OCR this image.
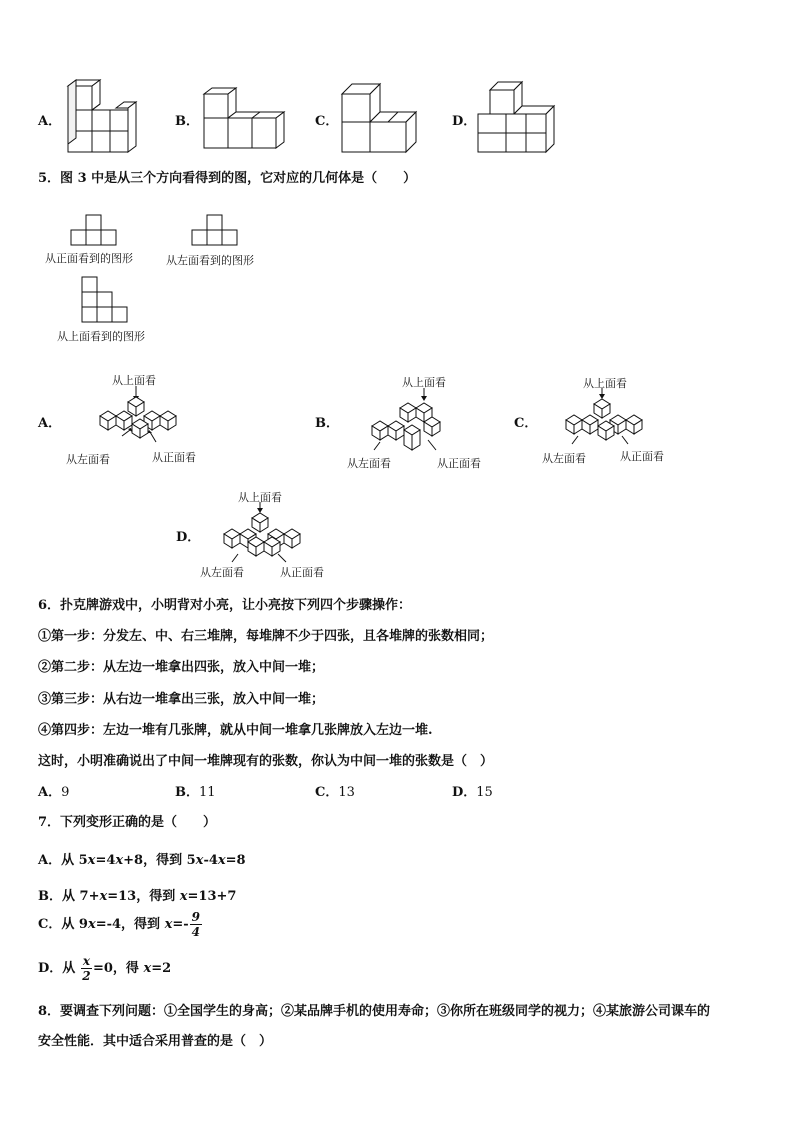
A．	B．	C．	D．
5．图 3 中是从三个方向看得到的图，它对应的几何体是（　　）
从正面看到的图形	从左面看到的图形
从上面看到的图形
A．
从上面看
从左面看	从正面看
B．
从上面看
从左面看	从正面看
C．
从上面看
从左面看	从正面看
D．
从上面看
从左面看	从正面看
6．扑克牌游戏中，小明背对小亮，让小亮按下列四个步骤操作：
①第一步：分发左、中、右三堆牌，每堆牌不少于四张，且各堆牌的张数相同；
②第二步：从左边一堆拿出四张，放入中间一堆；
③第三步：从右边一堆拿出三张，放入中间一堆；
④第四步：左边一堆有几张牌，就从中间一堆拿几张牌放入左边一堆.
这时，小明准确说出了中间一堆牌现有的张数，你认为中间一堆的张数是（　）
A．9	B．11	C．13	D．15
7．下列变形正确的是（　　）
A．从 5x=4x+8，得到 5x-4x=8
B．从 7+x=13，得到 x=13+7
C．从 9x=-4，得到 $x=- \frac{9}{4}$
D．从 $\frac{x}{2} =0$，得 x=2
8．要调查下列问题：①全国学生的身高；②某品牌手机的使用寿命；③你所在班级同学的视力；④某旅游公司课车的
安全性能．其中适合采用普查的是（　）
